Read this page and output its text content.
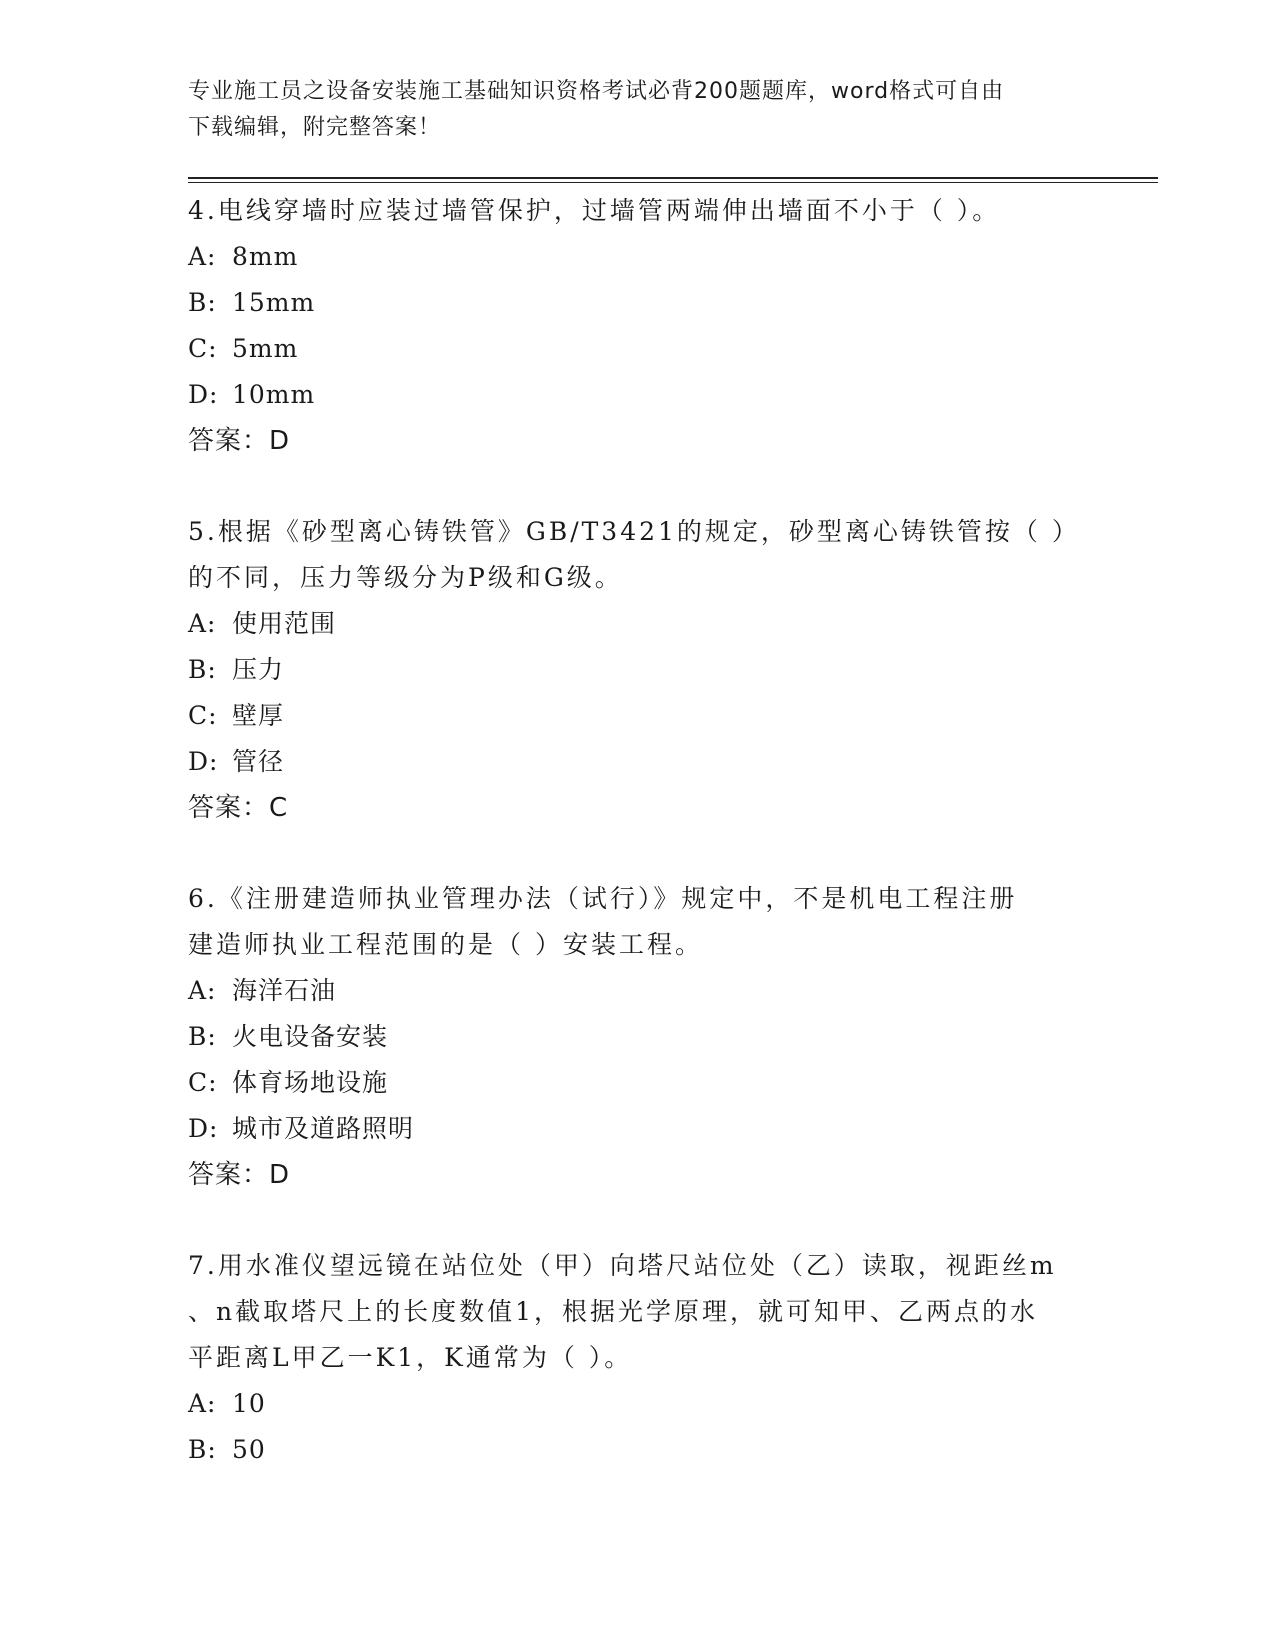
专业施工员之设备安装施工基础知识资格考试必背200题题库，word格式可自由
下载编辑，附完整答案！
4.电线穿墙时应装过墙管保护，过墙管两端伸出墙面不小于（ ）。
A: 8mm
B: 15mm
C: 5mm
D: 10mm
答案：D
5.根据《砂型离心铸铁管》GB/T3421的规定，砂型离心铸铁管按（ ）
的不同，压力等级分为P级和G级。
A: 使用范围
B: 压力
C: 壁厚
D: 管径
答案：C
6.《注册建造师执业管理办法（试行）》规定中，不是机电工程注册
建造师执业工程范围的是（ ）安装工程。
A: 海洋石油
B: 火电设备安装
C: 体育场地设施
D: 城市及道路照明
答案：D
7.用水准仪望远镜在站位处（甲）向塔尺站位处（乙）读取，视距丝m
、n截取塔尺上的长度数值1，根据光学原理，就可知甲、乙两点的水
平距离L甲乙一K1，K通常为（ ）。
A: 10
B: 50
